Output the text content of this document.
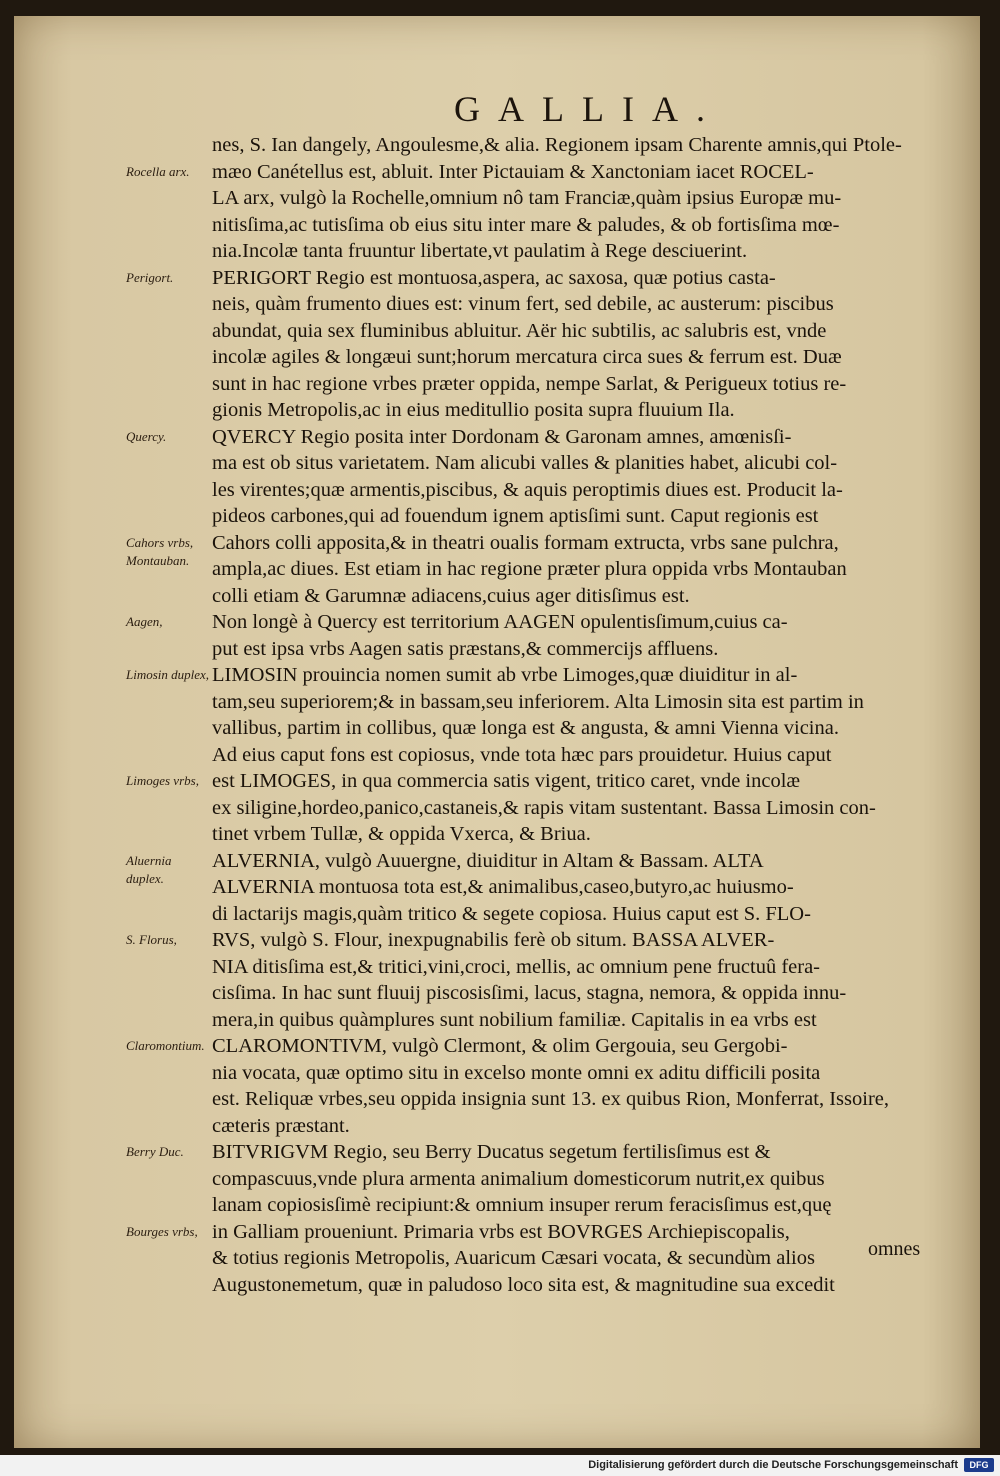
GALLIA.
nes, S. Ian dangely, Angoulesme,& alia. Regionem ipsam Charente amnis,qui Ptole-
mæo Canétellus est, abluit. Inter Pictauiam & Xanctoniam iacet ROCEL-
LA arx, vulgò la Rochelle,omnium nô tam Franciæ,quàm ipsius Europæ mu-
nitisſima,ac tutisſima ob eius situ inter mare & paludes, & ob fortisſima mœ-
nia.Incolæ tanta fruuntur libertate,vt paulatim à Rege desciuerint.
PERIGORT Regio est montuosa,aspera, ac saxosa, quæ potius casta-
neis, quàm frumento diues est: vinum fert, sed debile, ac austerum: piscibus
abundat, quia sex fluminibus abluitur. Aër hic subtilis, ac salubris est, vnde
incolæ agiles & longæui sunt;horum mercatura circa sues & ferrum est. Duæ
sunt in hac regione vrbes præter oppida, nempe Sarlat, & Perigueux totius re-
gionis Metropolis,ac in eius meditullio posita supra fluuium Ila.
QVERCY Regio posita inter Dordonam & Garonam amnes, amœnisſi-
ma est ob situs varietatem. Nam alicubi valles & planities habet, alicubi col-
les virentes;quæ armentis,piscibus, & aquis peroptimis diues est. Producit la-
pideos carbones,qui ad fouendum ignem aptisſimi sunt. Caput regionis est
Cahors colli apposita,& in theatri oualis formam extructa, vrbs sane pulchra,
ampla,ac diues. Est etiam in hac regione præter plura oppida vrbs Montauban
colli etiam & Garumnæ adiacens,cuius ager ditisſimus est.
Non longè à Quercy est territorium AAGEN opulentisſimum,cuius ca-
put est ipsa vrbs Aagen satis præstans,& commercijs affluens.
LIMOSIN prouincia nomen sumit ab vrbe Limoges,quæ diuiditur in al-
tam,seu superiorem;& in bassam,seu inferiorem. Alta Limosin sita est partim in
vallibus, partim in collibus, quæ longa est & angusta, & amni Vienna vicina.
Ad eius caput fons est copiosus, vnde tota hæc pars prouidetur. Huius caput
est LIMOGES, in qua commercia satis vigent, tritico caret, vnde incolæ
ex siligine,hordeo,panico,castaneis,& rapis vitam sustentant. Bassa Limosin con-
tinet vrbem Tullæ, & oppida Vxerca, & Briua.
ALVERNIA, vulgò Auuergne, diuiditur in Altam & Bassam. ALTA
ALVERNIA montuosa tota est,& animalibus,caseo,butyro,ac huiusmo-
di lactarijs magis,quàm tritico & segete copiosa. Huius caput est S. FLO-
RVS, vulgò S. Flour, inexpugnabilis ferè ob situm. BASSA ALVER-
NIA ditisſima est,& tritici,vini,croci, mellis, ac omnium pene fructuû fera-
cisſima. In hac sunt fluuij piscosisſimi, lacus, stagna, nemora, & oppida innu-
mera,in quibus quàmplures sunt nobilium familiæ. Capitalis in ea vrbs est
CLAROMONTIVM, vulgò Clermont, & olim Gergouia, seu Gergobi-
nia vocata, quæ optimo situ in excelso monte omni ex aditu difficili posita
est. Reliquæ vrbes,seu oppida insignia sunt 13. ex quibus Rion, Monferrat, Issoire,
cæteris præstant.
BITVRIGVM Regio, seu Berry Ducatus segetum fertilisſimus est &
compascuus,vnde plura armenta animalium domesticorum nutrit,ex quibus
lanam copiosisſimè recipiunt:& omnium insuper rerum feracisſimus est,quę
in Galliam proueniunt. Primaria vrbs est BOVRGES Archiepiscopalis,
& totius regionis Metropolis, Auaricum Cæsari vocata, & secundùm alios
Augustonemetum, quæ in paludoso loco sita est, & magnitudine sua excedit
Rocella arx.
Perigort.
Quercy.
Cahors vrbs, Montauban.
Aagen,
Limosin duplex,
Limoges vrbs,
Aluernia duplex.
S. Florus,
Claromontium.
Berry Duc.
Bourges vrbs,
omnes
Digitalisierung gefördert durch die Deutsche Forschungsgemeinschaft	DFG
